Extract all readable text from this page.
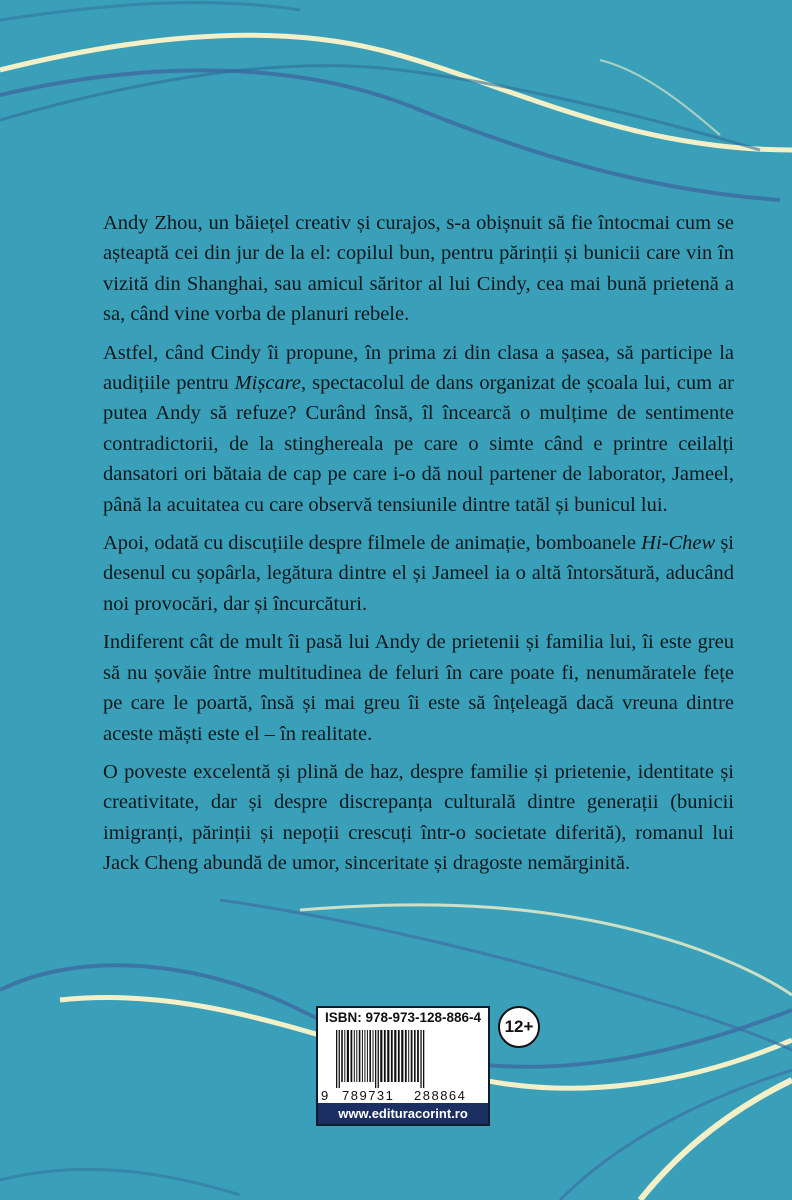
Andy Zhou, un băiețel creativ și curajos, s-a obișnuit să fie întocmai cum se așteaptă cei din jur de la el: copilul bun, pentru părinții și bunicii care vin în vizită din Shanghai, sau amicul săritor al lui Cindy, cea mai bună prietenă a sa, când vine vorba de planuri rebele.

Astfel, când Cindy îi propune, în prima zi din clasa a șasea, să participe la audițiile pentru Mișcare, spectacolul de dans organizat de școala lui, cum ar putea Andy să refuze? Curând însă, îl încearcă o mulțime de sentimente contradictorii, de la stinghereala pe care o simte când e printre ceilalți dansatori ori bătaia de cap pe care i-o dă noul partener de laborator, Jameel, până la acuitatea cu care observă tensiunile dintre tatăl și bunicul lui.

Apoi, odată cu discuțiile despre filmele de animație, bomboanele Hi-Chew și desenul cu șopârla, legătura dintre el și Jameel ia o altă întorsătură, aducând noi provocări, dar și încurcături.

Indiferent cât de mult îi pasă lui Andy de prietenii și familia lui, îi este greu să nu șovăie între multitudinea de feluri în care poate fi, nenumăratele fețe pe care le poartă, însă și mai greu îi este să înțeleagă dacă vreuna dintre aceste măști este el – în realitate.

O poveste excelentă și plină de haz, despre familie și prietenie, identitate și creativitate, dar și despre discrepanța culturală dintre generații (bunicii imigranți, părinții și nepoții crescuți într-o societate diferită), romanul lui Jack Cheng abundă de umor, sinceritate și dragoste nemărginită.

ISBN: 978-973-128-886-4
9 789731 288864
www.edituracorint.ro
12+
